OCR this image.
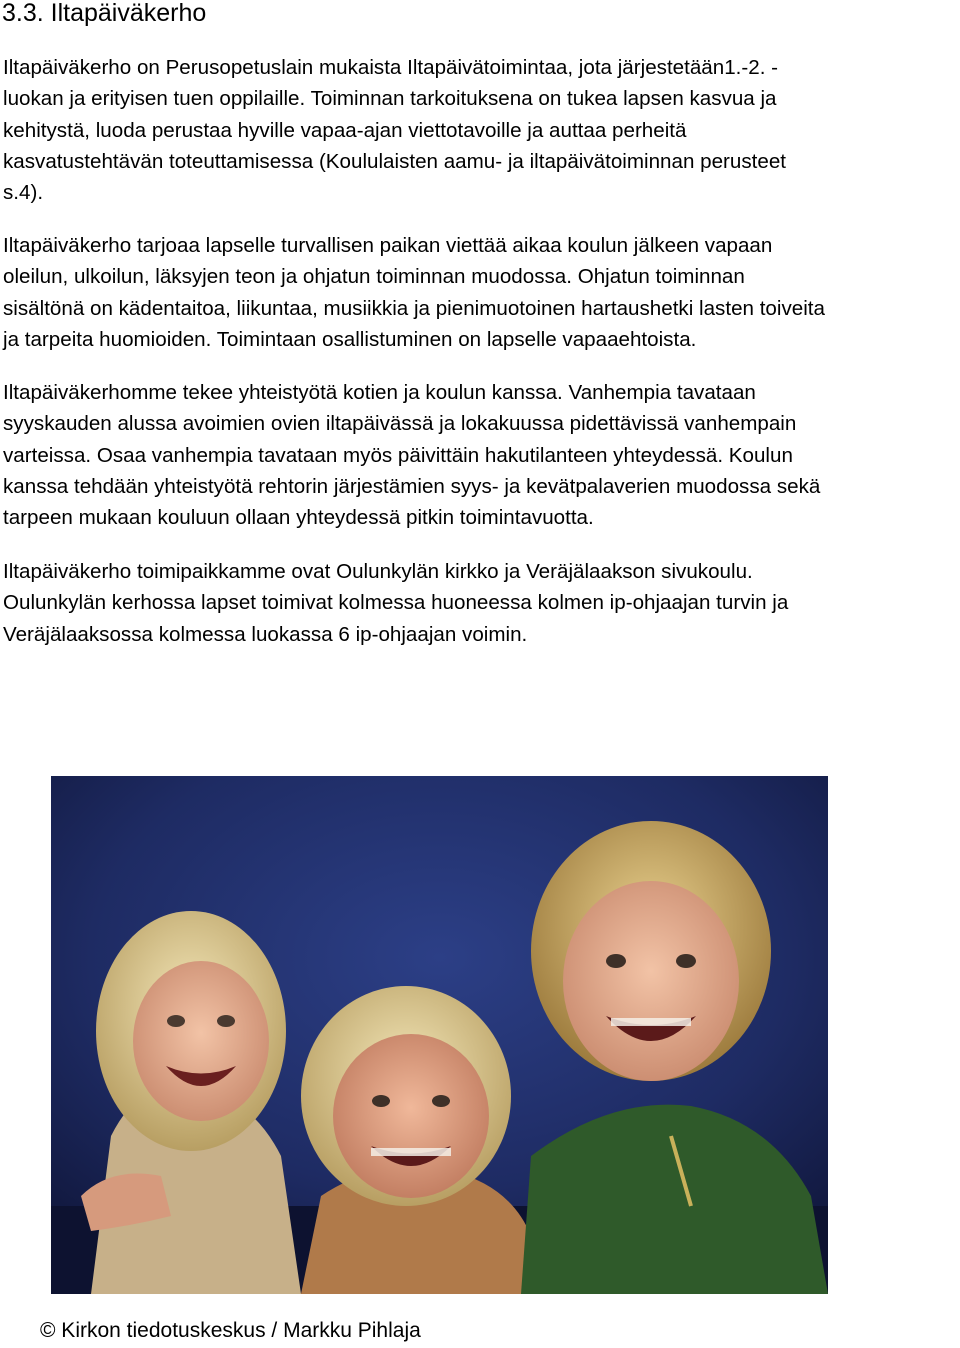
3.3. Iltapäiväkerho
Iltapäiväkerho on Perusopetuslain mukaista Iltapäivätoimintaa, jota järjestetään1.-2. -
luokan ja erityisen tuen oppilaille. Toiminnan tarkoituksena on tukea lapsen kasvua ja
kehitystä, luoda perustaa hyville vapaa-ajan viettotavoille ja auttaa perheitä
kasvatustehtävän toteuttamisessa (Koululaisten aamu- ja iltapäivätoiminnan perusteet
s.4).
Iltapäiväkerho tarjoaa lapselle turvallisen paikan viettää aikaa koulun jälkeen vapaan
oleilun, ulkoilun, läksyjen teon ja ohjatun toiminnan muodossa. Ohjatun toiminnan
sisältönä on kädentaitoa, liikuntaa, musiikkia ja pienimuotoinen hartaushetki lasten toiveita
ja tarpeita huomioiden. Toimintaan osallistuminen on lapselle vapaaehtoista.
Iltapäiväkerhomme tekee yhteistyötä kotien ja koulun kanssa. Vanhempia tavataan
syyskauden alussa avoimien ovien iltapäivässä ja lokakuussa pidettävissä vanhempain
varteissa. Osaa vanhempia tavataan myös päivittäin hakutilanteen yhteydessä. Koulun
kanssa tehdään yhteistyötä rehtorin järjestämien syys- ja kevätpalaverien muodossa sekä
tarpeen mukaan kouluun ollaan yhteydessä pitkin toimintavuotta.
Iltapäiväkerho toimipaikkamme ovat Oulunkylän kirkko ja Veräjälaakson sivukoulu.
Oulunkylän kerhossa lapset toimivat kolmessa huoneessa kolmen ip-ohjaajan turvin ja
Veräjälaaksossa kolmessa luokassa 6 ip-ohjaajan voimin.

© Kirkon tiedotuskeskus / Markku Pihlaja
